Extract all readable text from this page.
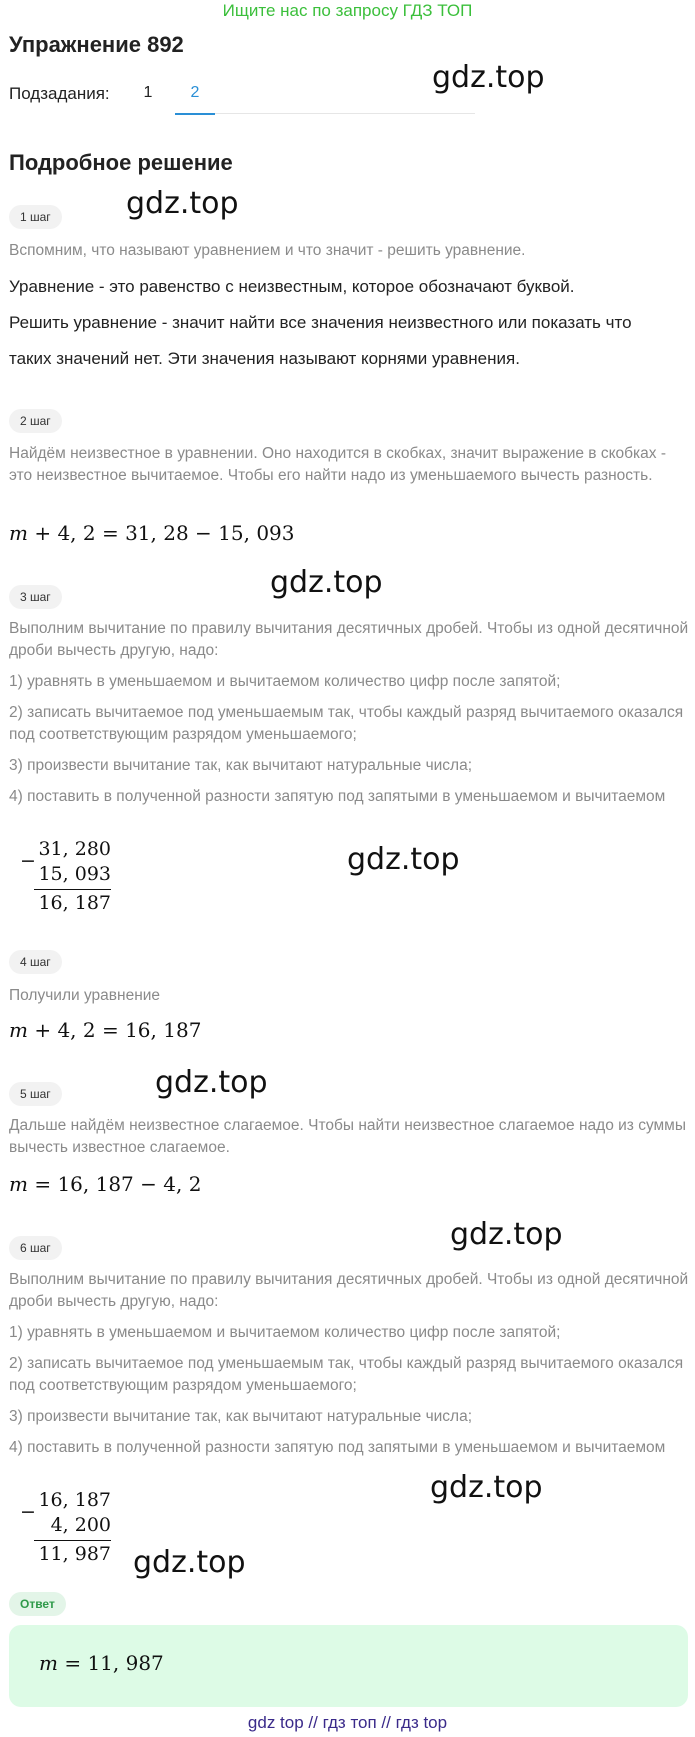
Ищите нас по запросу ГДЗ ТОП
Упражнение 892
Подзадания:	1	2	gdz.top
Подробное решение
1 шаг	gdz.top
Вспомним, что называют уравнением и что значит - решить уравнение.
Уравнение - это равенство с неизвестным, которое обозначают буквой.
Решить уравнение - значит найти все значения неизвестного или показать что
таких значений нет. Эти значения называют корнями уравнения.
2 шаг
Найдём неизвестное в уравнении. Оно находится в скобках, значит выражение в скобках - это неизвестное вычитаемое. Чтобы его найти надо из уменьшаемого вычесть разность.
m + 4, 2 = 31, 28 − 15, 093
3 шаг	gdz.top
Выполним вычитание по правилу вычитания десятичных дробей. Чтобы из одной десятичной дроби вычесть другую, надо:
1) уравнять в уменьшаемом и вычитаемом количество цифр после запятой;
2) записать вычитаемое под уменьшаемым так, чтобы каждый разряд вычитаемого оказался под соответствующим разрядом уменьшаемого;
3) произвести вычитание так, как вычитают натуральные числа;
4) поставить в полученной разности запятую под запятыми в уменьшаемом и вычитаемом
−
31, 280
15, 093
16, 187
gdz.top
4 шаг
Получили уравнение
m + 4, 2 = 16, 187
5 шаг	gdz.top
Дальше найдём неизвестное слагаемое. Чтобы найти неизвестное слагаемое надо из суммы вычесть известное слагаемое.
m = 16, 187 − 4, 2
6 шаг	gdz.top
Выполним вычитание по правилу вычитания десятичных дробей. Чтобы из одной десятичной дроби вычесть другую, надо:
1) уравнять в уменьшаемом и вычитаемом количество цифр после запятой;
2) записать вычитаемое под уменьшаемым так, чтобы каждый разряд вычитаемого оказался под соответствующим разрядом уменьшаемого;
3) произвести вычитание так, как вычитают натуральные числа;
4) поставить в полученной разности запятую под запятыми в уменьшаемом и вычитаемом
−
16, 187
4, 200
11, 987
gdz.top
gdz.top
Ответ
m = 11, 987
gdz top // гдз топ // гдз top
